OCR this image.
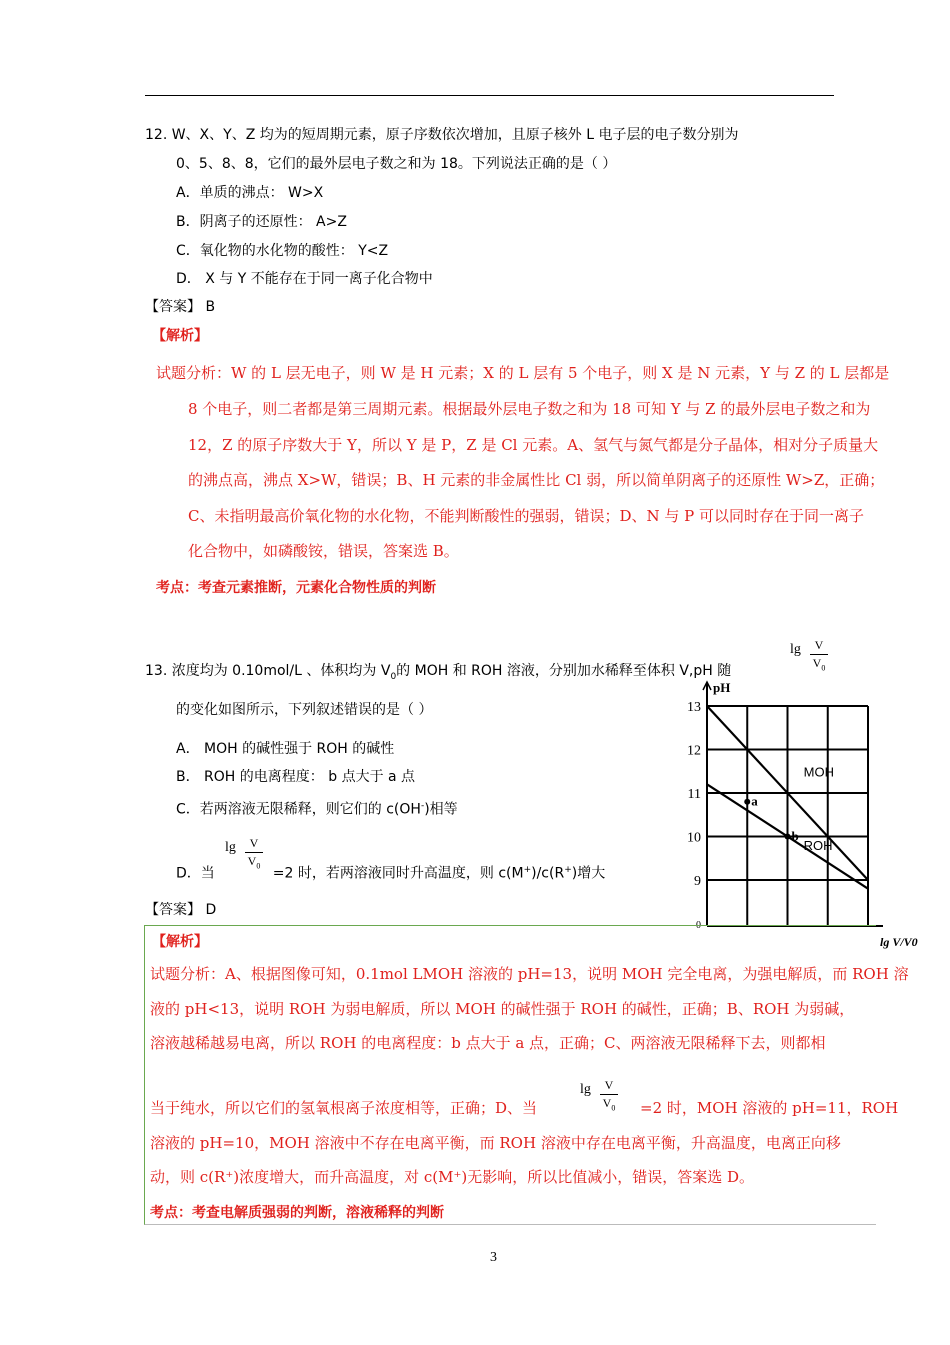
12. W、X、Y、Z 均为的短周期元素，原子序数依次增加，且原子核外 L 电子层的电子数分别为
0、5、8、8，它们的最外层电子数之和为 18。下列说法正确的是（ ）
A．单质的沸点： W>X
B．阴离子的还原性： A>Z
C．氧化物的水化物的酸性： Y<Z
D． X 与 Y 不能存在于同一离子化合物中
【答案】 B
【解析】
试题分析：W 的 L 层无电子，则 W 是 H 元素；X 的 L 层有 5 个电子，则 X 是 N 元素，Y 与 Z 的 L 层都是
8 个电子，则二者都是第三周期元素。根据最外层电子数之和为 18 可知 Y 与 Z 的最外层电子数之和为
12，Z 的原子序数大于 Y，所以 Y 是 P，Z 是 Cl 元素。A、氢气与氮气都是分子晶体，相对分子质量大
的沸点高，沸点 X>W，错误；B、H 元素的非金属性比 Cl 弱，所以简单阴离子的还原性 W>Z，正确；
C、未指明最高价氧化物的水化物，不能判断酸性的强弱，错误；D、N 与 P 可以同时存在于同一离子
化合物中，如磷酸铵，错误，答案选 B。
考点：考查元素推断，元素化合物性质的判断
13. 浓度均为 0.10mol/L 、体积均为 $V_0$的 MOH 和 ROH 溶液，分别加水稀释至体积 V,pH 随
lg	V
$V_0$
的变化如图所示，下列叙述错误的是（ ）
A． MOH 的碱性强于 ROH 的碱性
B． ROH 的电离程度： b 点大于 a 点
C．若两溶液无限稀释，则它们的 c(OH-)相等
lg	V
$V_0$
D．当	=2 时，若两溶液同时升高温度，则 c(M+)/c(R+)增大
【答案】 D
13
12
11
10
9
0
pH
lg V/V0
MOH
ROH
a
b
【解析】
试题分析：A、根据图像可知，0.1mol LMOH 溶液的 pH=13，说明 MOH 完全电离，为强电解质，而 ROH 溶
液的 pH<13，说明 ROH 为弱电解质，所以 MOH 的碱性强于 ROH 的碱性，正确；B、ROH 为弱碱，
溶液越稀越易电离，所以 ROH 的电离程度：b 点大于 a 点，正确；C、两溶液无限稀释下去，则都相
当于纯水，所以它们的氢氧根离子浓度相等，正确；D、当
lg	V
$V_0 =2$ 时，MOH 溶液的 pH=11，ROH
溶液的 pH=10，MOH 溶液中不存在电离平衡，而 ROH 溶液中存在电离平衡，升高温度，电离正向移
动，则 c(R⁺)浓度增大，而升高温度，对 c(M⁺)无影响，所以比值减小，错误，答案选 D。
考点：考查电解质强弱的判断，溶液稀释的判断
3
